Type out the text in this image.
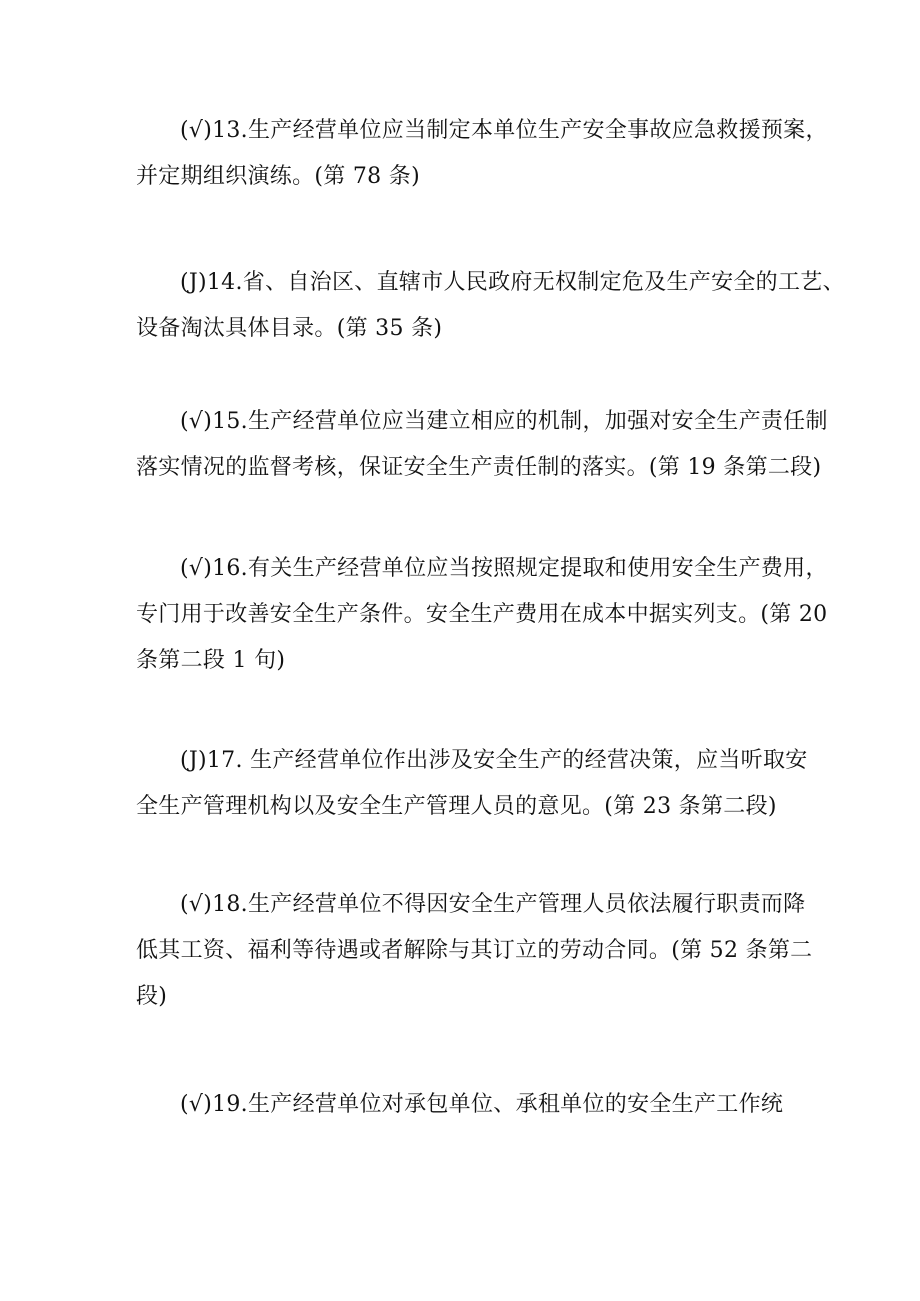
(√)13.生产经营单位应当制定本单位生产安全事故应急救援预案，
并定期组织演练。(第 78 条)
(J)14.省、自治区、直辖市人民政府无权制定危及生产安全的工艺、
设备淘汰具体目录。(第 35 条)
(√)15.生产经营单位应当建立相应的机制，加强对安全生产责任制
落实情况的监督考核，保证安全生产责任制的落实。(第 19 条第二段)
(√)16.有关生产经营单位应当按照规定提取和使用安全生产费用，
专门用于改善安全生产条件。安全生产费用在成本中据实列支。(第 20
条第二段 1 句)
(J)17. 生产经营单位作出涉及安全生产的经营决策，应当听取安
全生产管理机构以及安全生产管理人员的意见。(第 23 条第二段)
(√)18.生产经营单位不得因安全生产管理人员依法履行职责而降
低其工资、福利等待遇或者解除与其订立的劳动合同。(第 52 条第二
段)
(√)19.生产经营单位对承包单位、承租单位的安全生产工作统
